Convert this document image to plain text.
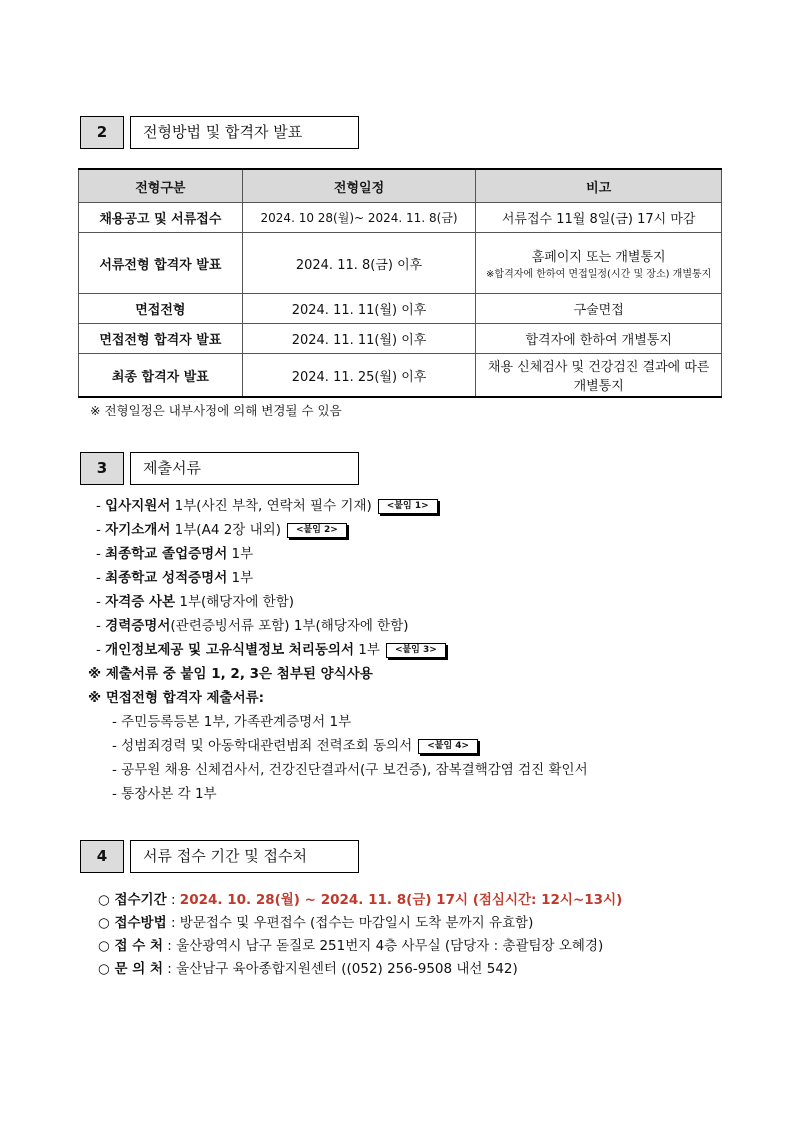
2	전형방법 및 합격자 발표
전형구분	전형일정	비고
채용공고 및 서류접수	2024. 10 28(월)~ 2024. 11. 8(금)	서류접수 11월 8일(금) 17시 마감
서류전형 합격자 발표	2024. 11. 8(금) 이후	홈페이지 또는 개별통지
※합격자에 한하여 면접일정(시간 및 장소) 개별통지

면접전형	2024. 11. 11(월) 이후	구술면접
면접전형 합격자 발표	2024. 11. 11(월) 이후	합격자에 한하여 개별통지
최종 합격자 발표	2024. 11. 25(월) 이후	채용 신체검사 및 건강검진 결과에 따른 개별통지
※ 전형일정은 내부사정에 의해 변경될 수 있음
3	제출서류
- 입사지원서 1부(사진 부착, 연락처 필수 기재) <붙임 1>
- 자기소개서 1부(A4 2장 내외) <붙임 2>
- 최종학교 졸업증명서 1부
- 최종학교 성적증명서 1부
- 자격증 사본 1부(해당자에 한함)
- 경력증명서(관련증빙서류 포함) 1부(해당자에 한함)
- 개인정보제공 및 고유식별정보 처리동의서 1부 <붙임 3>
※ 제출서류 중 붙임 1, 2, 3은 첨부된 양식사용
※ 면접전형 합격자 제출서류:
- 주민등록등본 1부, 가족관계증명서 1부
- 성범죄경력 및 아동학대관련범죄 전력조회 동의서 <붙임 4>
- 공무원 채용 신체검사서, 건강진단결과서(구 보건증), 잠복결핵감염 검진 확인서
- 통장사본 각 1부
4	서류 접수 기간 및 접수처
○ 접수기간 : 2024. 10. 28(월) ~ 2024. 11. 8(금) 17시 (점심시간: 12시~13시)
○ 접수방법 : 방문접수 및 우편접수 (접수는 마감일시 도착 분까지 유효함)
○ 접 수 처 : 울산광역시 남구 돋질로 251번지 4층 사무실 (담당자 : 총괄팀장 오혜경)
○ 문 의 처 : 울산남구 육아종합지원센터 ((052) 256-9508 내선 542)
